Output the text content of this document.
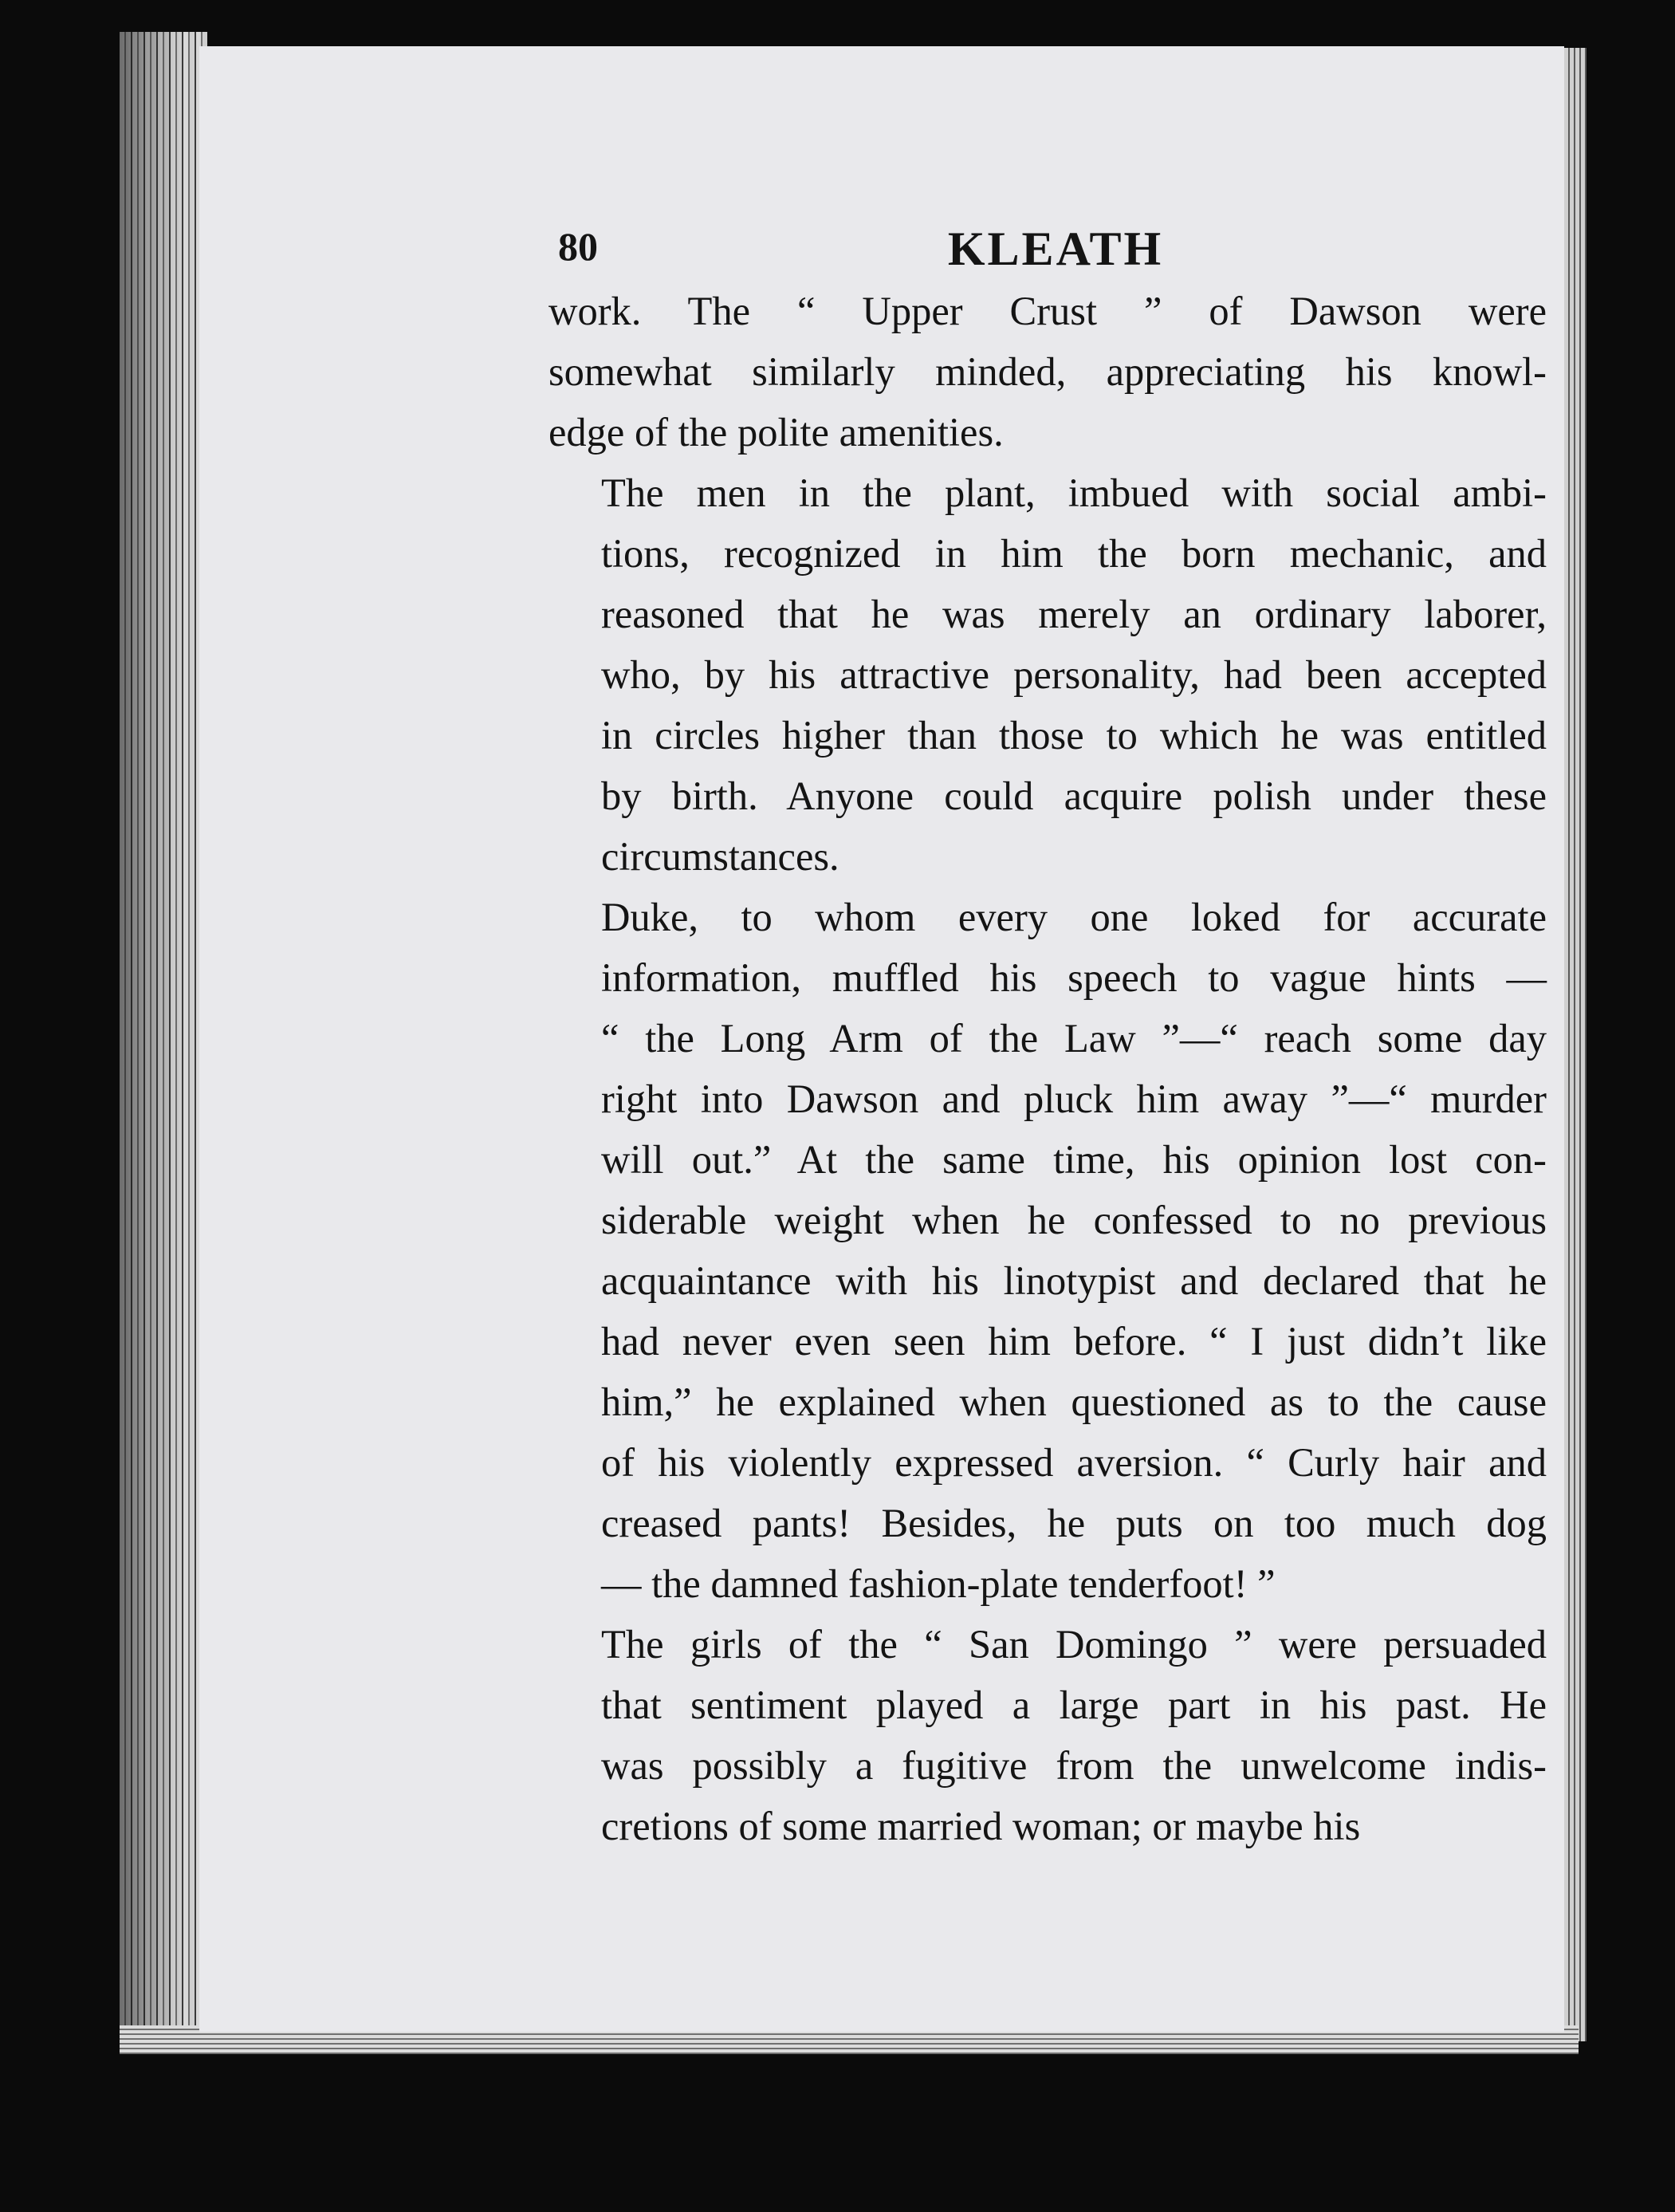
80	KLEATH

work. The “ Upper Crust ” of Dawson were
somewhat similarly minded, appreciating his knowl-
edge of the polite amenities.

The men in the plant, imbued with social ambi-
tions, recognized in him the born mechanic, and
reasoned that he was merely an ordinary laborer,
who, by his attractive personality, had been accepted
in circles higher than those to which he was entitled
by birth. Anyone could acquire polish under these
circumstances.

Duke, to whom every one loked for accurate
information, muffled his speech to vague hints —
“ the Long Arm of the Law ”—“ reach some day
right into Dawson and pluck him away ”—“ murder
will out.” At the same time, his opinion lost con-
siderable weight when he confessed to no previous
acquaintance with his linotypist and declared that he
had never even seen him before. “ I just didn’t like
him,” he explained when questioned as to the cause
of his violently expressed aversion. “ Curly hair and
creased pants! Besides, he puts on too much dog
— the damned fashion-plate tenderfoot! ”

The girls of the “ San Domingo ” were persuaded
that sentiment played a large part in his past. He
was possibly a fugitive from the unwelcome indis-
cretions of some married woman; or maybe his
